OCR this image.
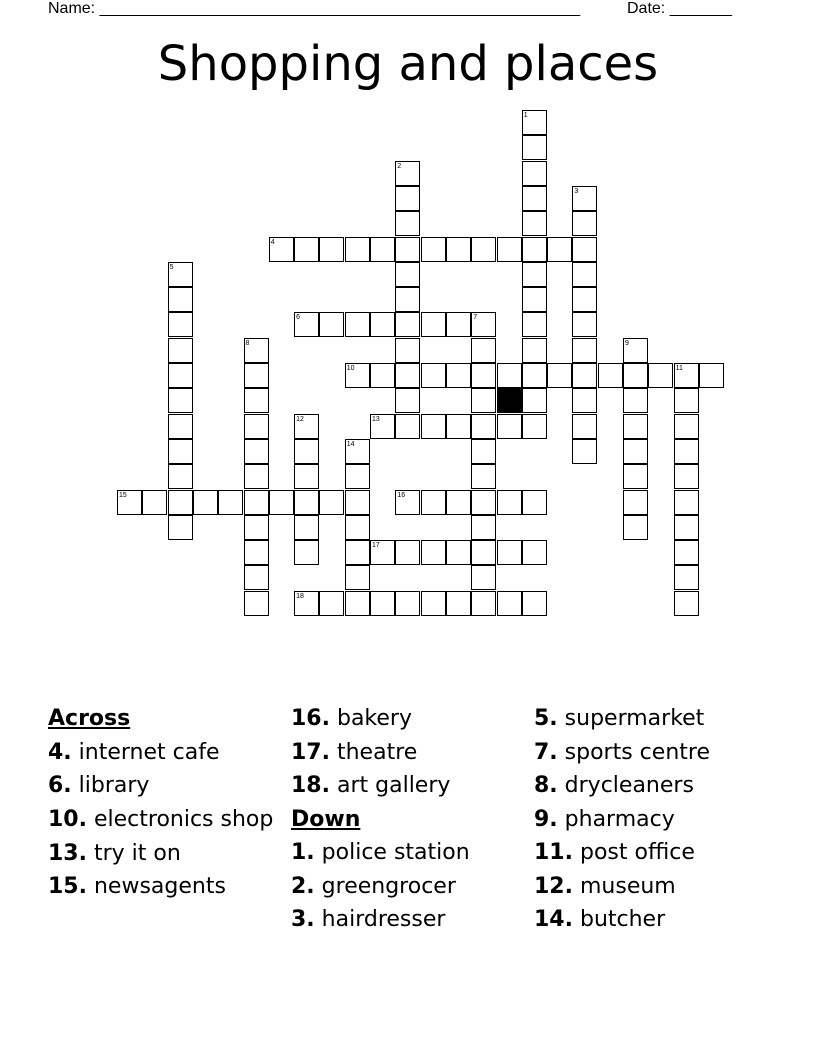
Name: ______________________________________________________	Date: _______
Shopping and places
1
2
3
4
5
6	7
8	9
10	11
12	13
14
15	16
17
18
Across
4. internet cafe
6. library
10. electronics shop
13. try it on
15. newsagents
16. bakery
17. theatre
18. art gallery
Down
1. police station
2. greengrocer
3. hairdresser
5. supermarket
7. sports centre
8. drycleaners
9. pharmacy
11. post office
12. museum
14. butcher
